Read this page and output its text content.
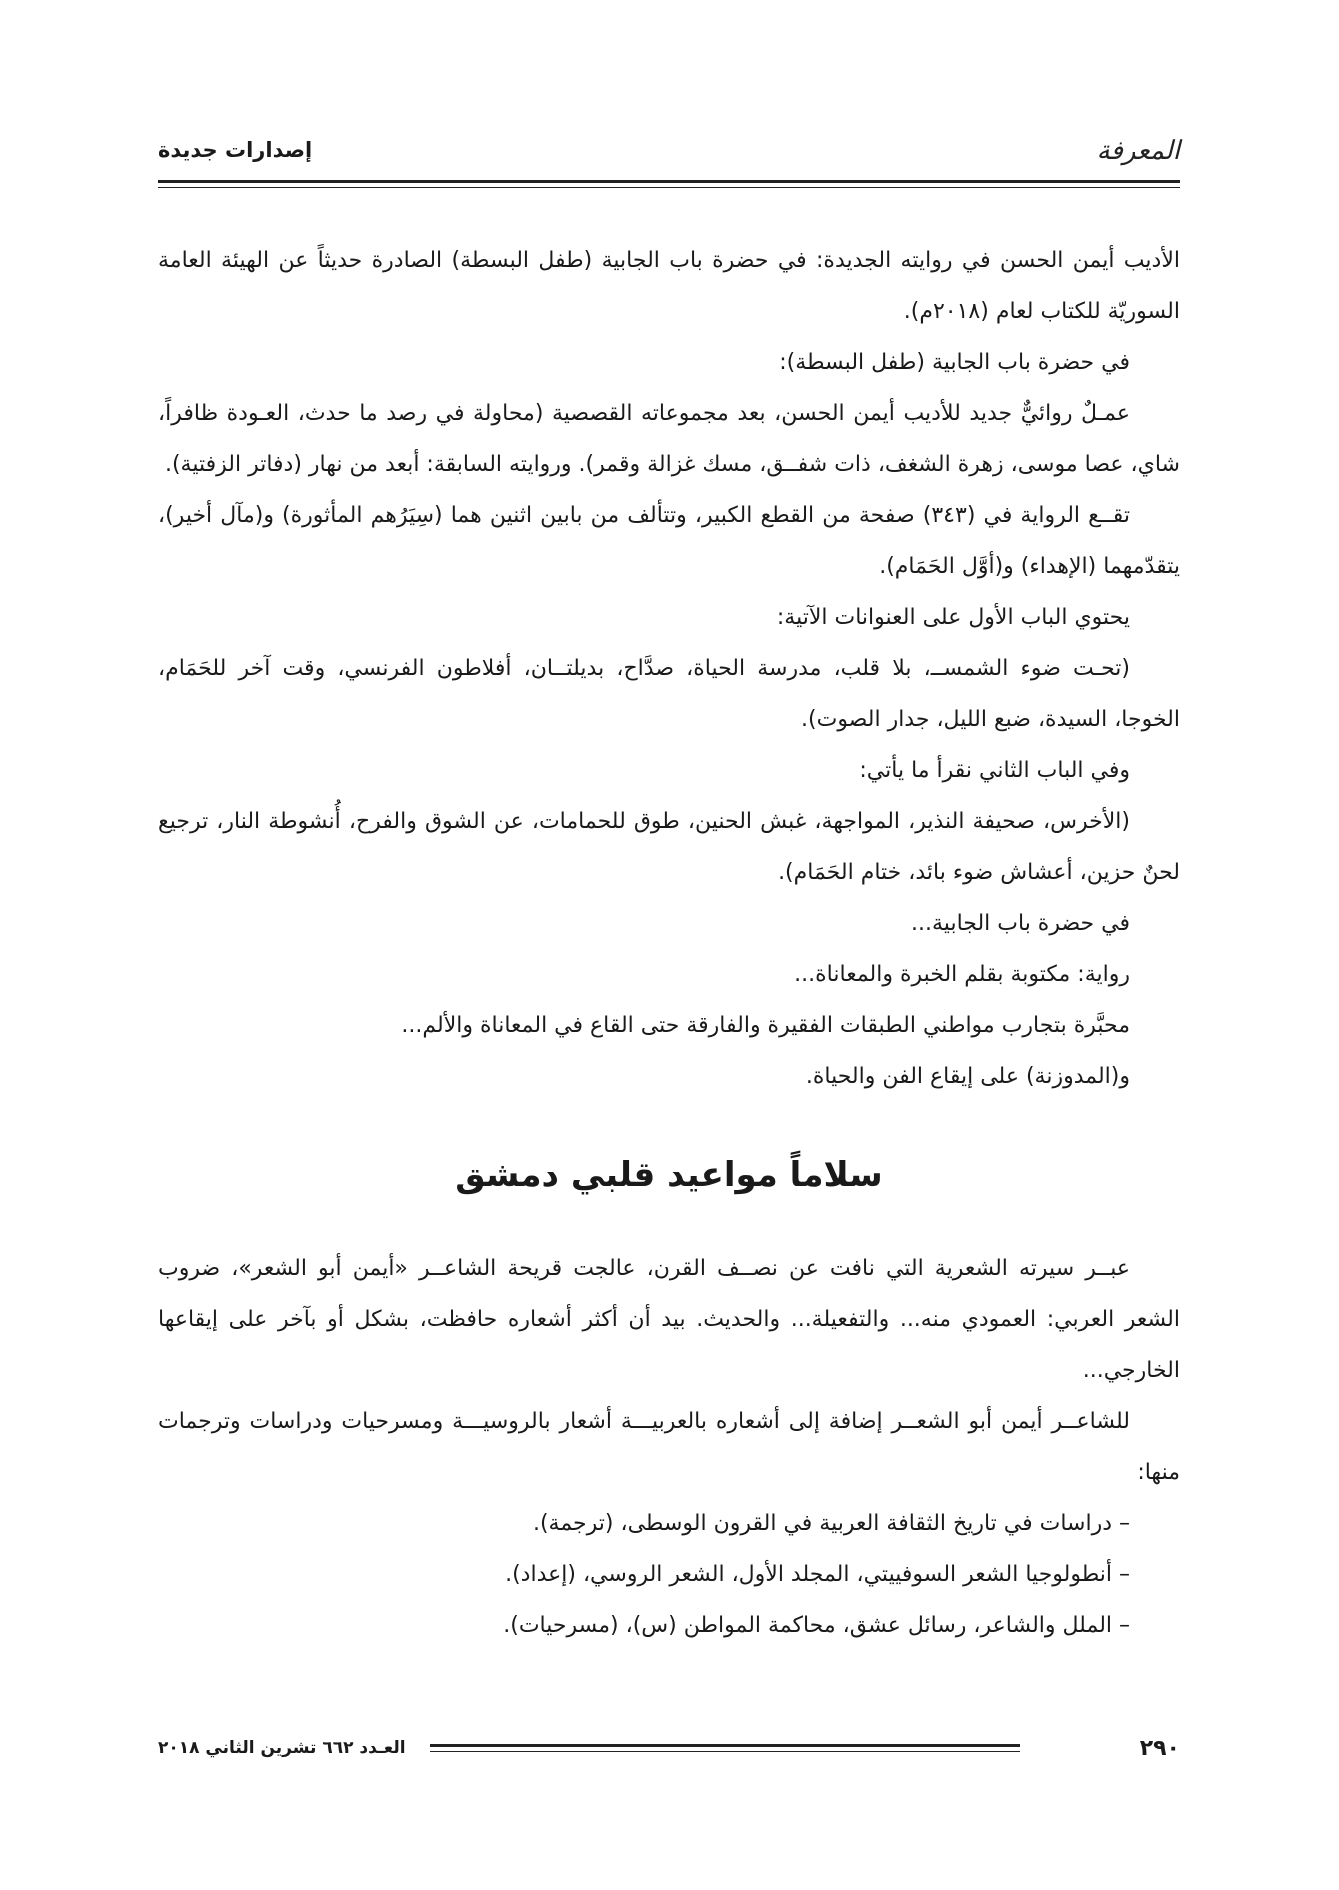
المعرفة
إصدارات جديدة

الأديب أيمن الحسن في روايته الجديدة: في حضرة باب الجابية (طفل البسطة) الصادرة حديثاً عن الهيئة العامة السوريّة للكتاب لعام (٢٠١٨م).

في حضرة باب الجابية (طفل البسطة):

عمـلٌ روائيٌّ جديد للأديب أيمن الحسن، بعد مجموعاته القصصية (محاولة في رصد ما حدث، العـودة ظافراً، شاي، عصا موسى، زهرة الشغف، ذات شفــق، مسك غزالة وقمر). وروايته السابقة: أبعد من نهار (دفاتر الزفتية).

تقــع الرواية في (٣٤٣) صفحة من القطع الكبير، وتتألف من بابين اثنين هما (سِيَرُهم المأثورة) و(مآل أخير)، يتقدّمهما (الإهداء) و(أوَّل الحَمَام).

يحتوي الباب الأول على العنوانات الآتية:

(تحـت ضوء الشمســ، بلا قلب، مدرسة الحياة، صدَّاح، بديلتــان، أفلاطون الفرنسي، وقت آخر للحَمَام، الخوجا، السيدة، ضبع الليل، جدار الصوت).

وفي الباب الثاني نقرأ ما يأتي:

(الأخرس، صحيفة النذير، المواجهة، غبش الحنين، طوق للحمامات، عن الشوق والفرح، أُنشوطة النار، ترجيع لحنٌ حزين، أعشاش ضوء بائد، ختام الحَمَام).

في حضرة باب الجابية...

رواية: مكتوبة بقلم الخبرة والمعاناة...

محبَّرة بتجارب مواطني الطبقات الفقيرة والفارقة حتى القاع في المعاناة والألم...

و(المدوزنة) على إيقاع الفن والحياة.

سلاماً مواعيد قلبي دمشق

عبــر سيرته الشعرية التي نافت عن نصــف القرن، عالجت قريحة الشاعــر «أيمن أبو الشعر»، ضروب الشعر العربي: العمودي منه... والتفعيلة... والحديث. بيد أن أكثر أشعاره حافظت، بشكل أو بآخر على إيقاعها الخارجي...

للشاعــر أيمن أبو الشعــر إضافة إلى أشعاره بالعربيـــة أشعار بالروسيـــة ومسرحيات ودراسات وترجمات منها:

– دراسات في تاريخ الثقافة العربية في القرون الوسطى، (ترجمة).

– أنطولوجيا الشعر السوفييتي، المجلد الأول، الشعر الروسي، (إعداد).

– الملل والشاعر، رسائل عشق، محاكمة المواطن (س)، (مسرحيات).

٢٩٠
العـدد ٦٦٢ تشرين الثاني ٢٠١٨
